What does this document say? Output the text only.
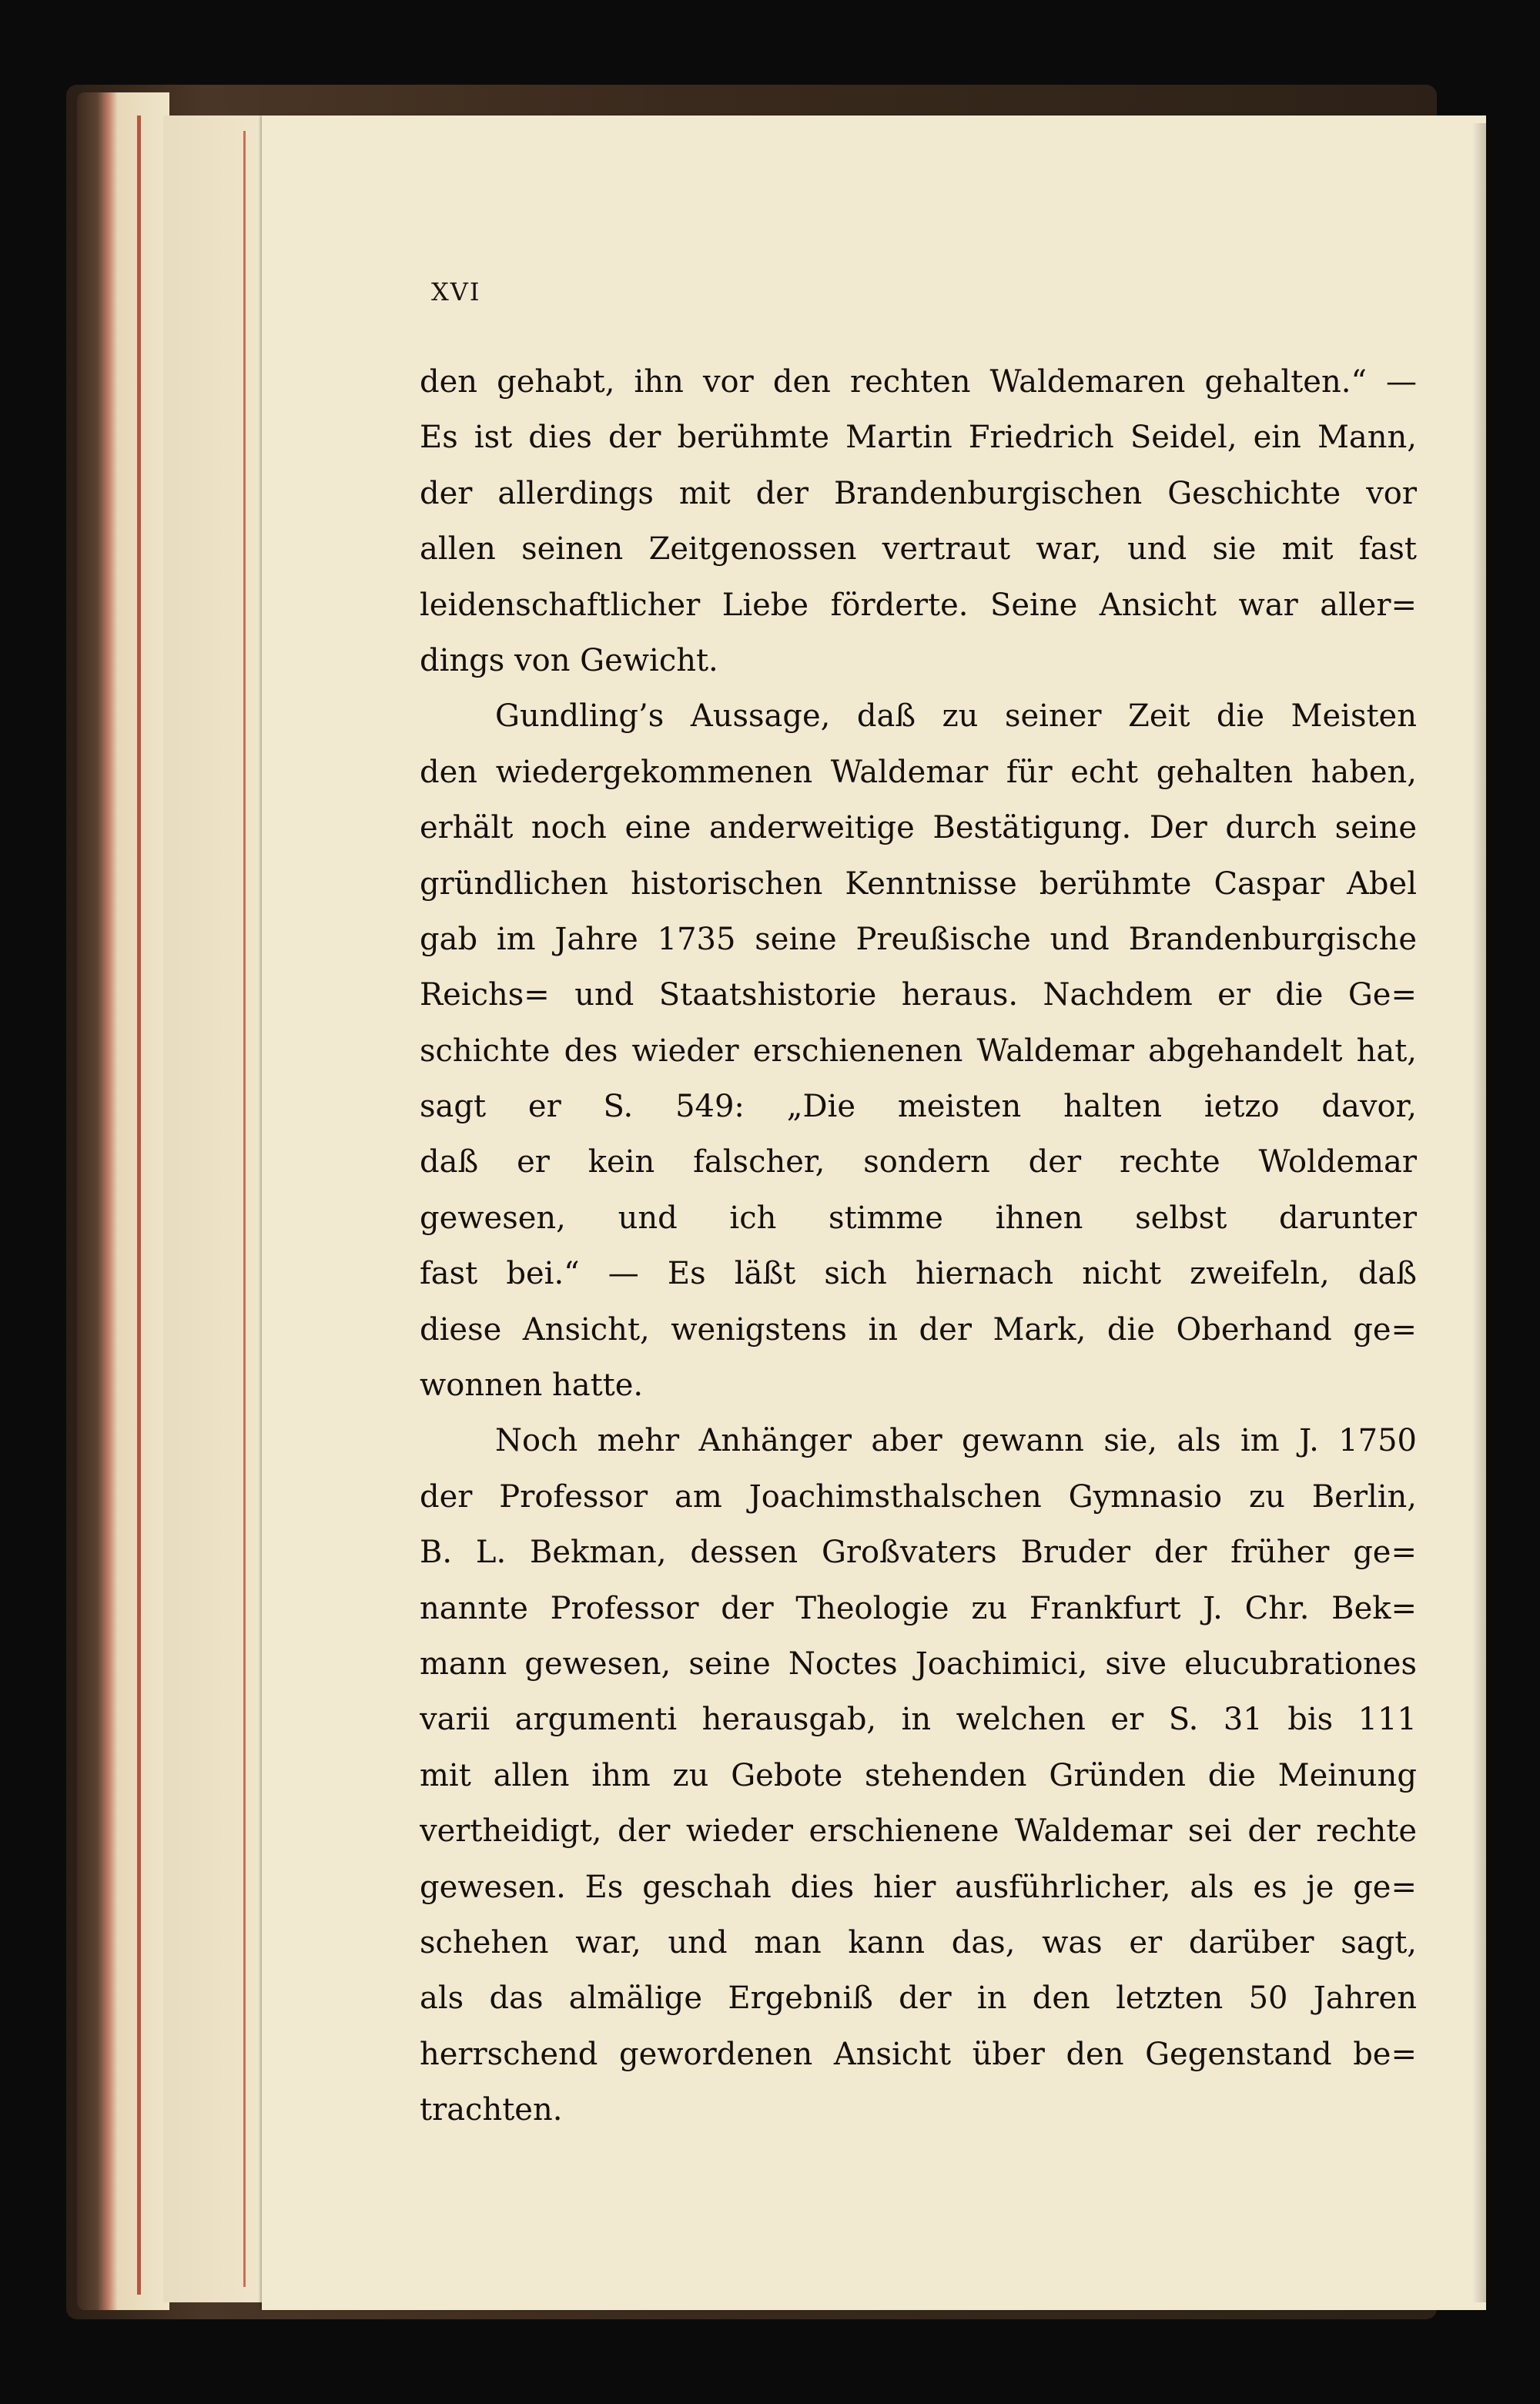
XVI
den gehabt, ihn vor den rechten Waldemaren gehalten.“ —
Es ist dies der berühmte Martin Friedrich Seidel, ein Mann,
der allerdings mit der Brandenburgischen Geschichte vor
allen seinen Zeitgenossen vertraut war, und sie mit fast
leidenschaftlicher Liebe förderte. Seine Ansicht war aller=
dings von Gewicht.
Gundling’s Aussage, daß zu seiner Zeit die Meisten
den wiedergekommenen Waldemar für echt gehalten haben,
erhält noch eine anderweitige Bestätigung. Der durch seine
gründlichen historischen Kenntnisse berühmte Caspar Abel
gab im Jahre 1735 seine Preußische und Brandenburgische
Reichs= und Staatshistorie heraus. Nachdem er die Ge=
schichte des wieder erschienenen Waldemar abgehandelt hat,
sagt er S. 549: „Die meisten halten ietzo davor,
daß er kein falscher, sondern der rechte Woldemar
gewesen, und ich stimme ihnen selbst darunter
fast bei.“ — Es läßt sich hiernach nicht zweifeln, daß
diese Ansicht, wenigstens in der Mark, die Oberhand ge=
wonnen hatte.
Noch mehr Anhänger aber gewann sie, als im J. 1750
der Professor am Joachimsthalschen Gymnasio zu Berlin,
B. L. Bekman, dessen Großvaters Bruder der früher ge=
nannte Professor der Theologie zu Frankfurt J. Chr. Bek=
mann gewesen, seine Noctes Joachimici, sive elucubrationes
varii argumenti herausgab, in welchen er S. 31 bis 111
mit allen ihm zu Gebote stehenden Gründen die Meinung
vertheidigt, der wieder erschienene Waldemar sei der rechte
gewesen. Es geschah dies hier ausführlicher, als es je ge=
schehen war, und man kann das, was er darüber sagt,
als das almälige Ergebniß der in den letzten 50 Jahren
herrschend gewordenen Ansicht über den Gegenstand be=
trachten.
